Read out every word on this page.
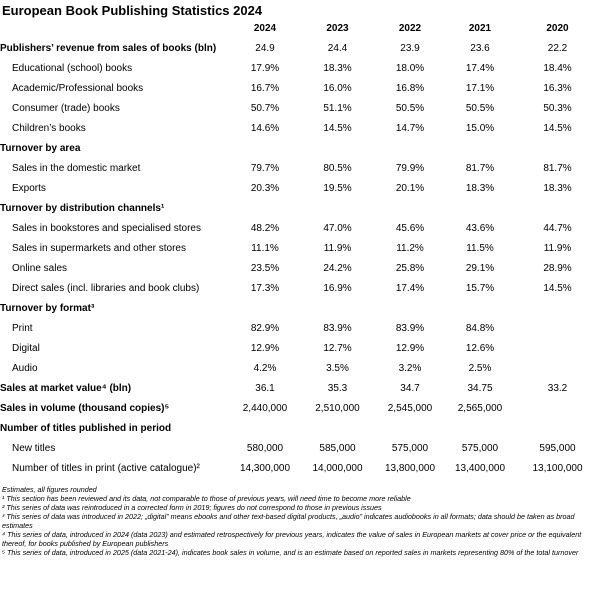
European Book Publishing Statistics 2024
	2024	2023	2022	2021	2020
Publishers’ revenue from sales of books (bln)	24.9	24.4	23.9	23.6	22.2
Educational (school) books	17.9%	18.3%	18.0%	17.4%	18.4%
Academic/Professional books	16.7%	16.0%	16.8%	17.1%	16.3%
Consumer (trade) books	50.7%	51.1%	50.5%	50.5%	50.3%
Children’s books	14.6%	14.5%	14.7%	15.0%	14.5%
Turnover by area					
Sales in the domestic market	79.7%	80.5%	79.9%	81.7%	81.7%
Exports	20.3%	19.5%	20.1%	18.3%	18.3%
Turnover by distribution channels¹					
Sales in bookstores and specialised stores	48.2%	47.0%	45.6%	43.6%	44.7%
Sales in supermarkets and other stores	11.1%	11.9%	11.2%	11.5%	11.9%
Online sales	23.5%	24.2%	25.8%	29.1%	28.9%
Direct sales (incl. libraries and book clubs)	17.3%	16.9%	17.4%	15.7%	14.5%
Turnover by format³					
Print	82.9%	83.9%	83.9%	84.8%	
Digital	12.9%	12.7%	12.9%	12.6%	
Audio	4.2%	3.5%	3.2%	2.5%	
Sales at market value⁴ (bln)	36.1	35.3	34.7	34.75	33.2
Sales in volume (thousand copies)⁵	2,440,000	2,510,000	2,545,000	2,565,000	
Number of titles published in period					
New titles	580,000	585,000	575,000	575,000	595,000
Number of titles in print (active catalogue)²	14,300,000	14,000,000	13,800,000	13,400,000	13,100,000
Estimates, all figures rounded
¹ This section has been reviewed and its data, not comparable to those of previous years, will need time to become more reliable
² This series of data was reintroduced in a corrected form in 2019; figures do not correspond to those in previous issues
³ This series of data was introduced in 2022; „digital” means ebooks and other text-based digital products, „audio” indicates audiobooks in all formats; data should be taken as broad estimates
⁴ This series of data, introduced in 2024 (data 2023) and estimated retrospectively for previous years, indicates the value of sales in European markets at cover price or the equivalent thereof, for books published by European publishers
⁵ This series of data, introduced in 2025 (data 2021-24), indicates book sales in volume, and is an estimate based on reported sales in markets representing 80% of the total turnover
